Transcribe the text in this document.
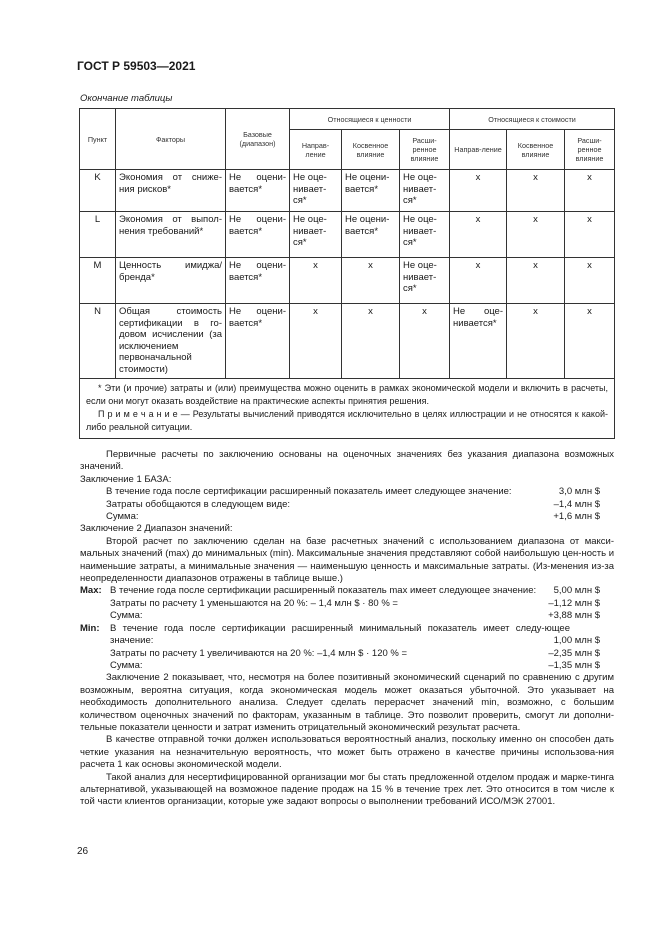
ГОСТ Р 59503—2021
Окончание таблицы
Пункт	Факторы	Базовые (диапазон)	Относящиеся к ценности			Относящиеся к стоимости		
			Направ-ление	Косвенное влияние	Расши-ренное влияние	Направ-ление	Косвенное влияние	Расши-ренное влияние
K	Экономия от сниже-ния рисков*	Не оцени-вается*	Не оце-нивает-ся*	Не оцени-вается*	Не оце-нивает-ся*	x	x	x
L	Экономия от выпол-нения требований*	Не оцени-вается*	Не оце-нивает-ся*	Не оцени-вается*	Не оце-нивает-ся*	x	x	x
M	Ценность имиджа/ бренда*	Не оцени-вается*	x	x	Не оце-нивает-ся*	x	x	x
N	Общая стоимость сертификации в го-довом исчислении (за исключением первоначальной стоимости)	Не оцени-вается*	x	x	x	Не оце-нивается*	x	x

* Эти (и прочие) затраты и (или) преимущества можно оценить в рамках экономической модели и включить в расчеты, если они могут оказать воздействие на практические аспекты принятия решения.
П р и м е ч а н и е — Результаты вычислений приводятся исключительно в целях иллюстрации и не относятся к какой-либо реальной ситуации.								

Первичные расчеты по заключению основаны на оценочных значениях без указания диапазона возможных значений.

Заключение 1 БАЗА:

В течение года после сертификации расширенный показатель имеет следующее значение:	3,0 млн $
Затраты обобщаются в следующем виде:	–1,4 млн $
Сумма:	+1,6 млн $

Заключение 2 Диапазон значений:

Второй расчет по заключению сделан на базе расчетных значений с использованием диапазона от макси-мальных значений (max) до минимальных (min). Максимальные значения представляют собой наибольшую цен-ность и наименьшие затраты, а минимальные значения — наименьшую ценность и максимальные затраты. (Из-менения из-за неопределенности диапазонов отражены в таблице выше.)

Max: В течение года после сертификации расширенный показатель max имеет следующее значение:	5,00 млн $
Затраты по расчету 1 уменьшаются на 20 %: – 1,4 млн $ · 80 % =	–1,12 млн $
Сумма:	+3,88 млн $
Min:	В течение года после сертификации расширенный минимальный показатель имеет следу-ющее значение:	1,00 млн $
Затраты по расчету 1 увеличиваются на 20 %: –1,4 млн $ · 120 % =	–2,35 млн $
Сумма:	–1,35 млн $

Заключение 2 показывает, что, несмотря на более позитивный экономический сценарий по сравнению с другим возможным, вероятна ситуация, когда экономическая модель может оказаться убыточной. Это указывает на необходимость дополнительного анализа. Следует сделать перерасчет значений min, возможно, с большим количеством оценочных значений по факторам, указанным в таблице. Это позволит проверить, смогут ли дополни-тельные показатели ценности и затрат изменить отрицательный экономический результат расчета.

В качестве отправной точки должен использоваться вероятностный анализ, поскольку именно он способен дать четкие указания на незначительную вероятность, что может быть отражено в качестве причины использова-ния расчета 1 как основы экономической модели.

Такой анализ для несертифицированной организации мог бы стать предложенной отделом продаж и марке-тинга альтернативой, указывающей на возможное падение продаж на 15 % в течение трех лет. Это относится в том числе к той части клиентов организации, которые уже задают вопросы о выполнении требований ИСО/МЭК 27001.

26
